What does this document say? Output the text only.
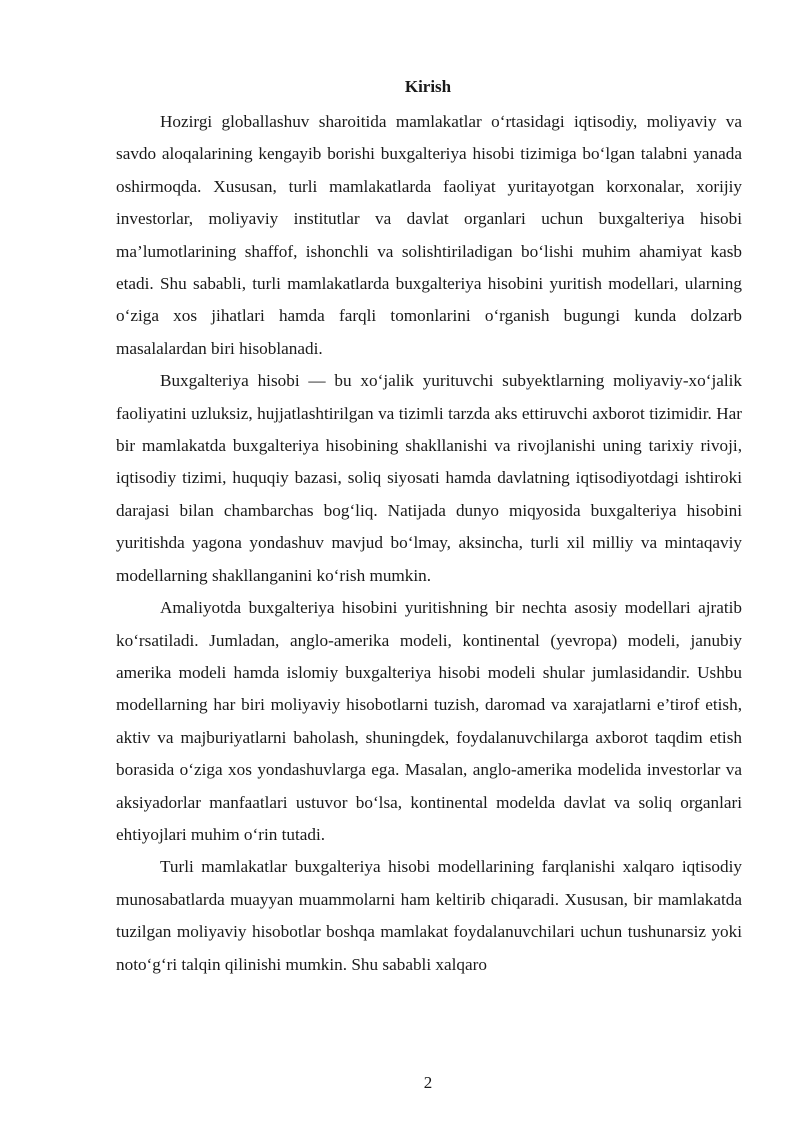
Kirish

Hozirgi globallashuv sharoitida mamlakatlar o‘rtasidagi iqtisodiy, moliyaviy va savdo aloqalarining kengayib borishi buxgalteriya hisobi tizimiga bo‘lgan talabni yanada oshirmoqda. Xususan, turli mamlakatlarda faoliyat yuritayotgan korxonalar, xorijiy investorlar, moliyaviy institutlar va davlat organlari uchun buxgalteriya hisobi ma’lumotlarining shaffof, ishonchli va solishtiriladigan bo‘lishi muhim ahamiyat kasb etadi. Shu sababli, turli mamlakatlarda buxgalteriya hisobini yuritish modellari, ularning o‘ziga xos jihatlari hamda farqli tomonlarini o‘rganish bugungi kunda dolzarb masalalardan biri hisoblanadi.

Buxgalteriya hisobi — bu xo‘jalik yurituvchi subyektlarning moliyaviy-xo‘jalik faoliyatini uzluksiz, hujjatlashtirilgan va tizimli tarzda aks ettiruvchi axborot tizimidir. Har bir mamlakatda buxgalteriya hisobining shakllanishi va rivojlanishi uning tarixiy rivoji, iqtisodiy tizimi, huquqiy bazasi, soliq siyosati hamda davlatning iqtisodiyotdagi ishtiroki darajasi bilan chambarchas bog‘liq. Natijada dunyo miqyosida buxgalteriya hisobini yuritishda yagona yondashuv mavjud bo‘lmay, aksincha, turli xil milliy va mintaqaviy modellarning shakllanganini ko‘rish mumkin.

Amaliyotda buxgalteriya hisobini yuritishning bir nechta asosiy modellari ajratib ko‘rsatiladi. Jumladan, anglo-amerika modeli, kontinental (yevropa) modeli, janubiy amerika modeli hamda islomiy buxgalteriya hisobi modeli shular jumlasidandir. Ushbu modellarning har biri moliyaviy hisobotlarni tuzish, daromad va xarajatlarni e’tirof etish, aktiv va majburiyatlarni baholash, shuningdek, foydalanuvchilarga axborot taqdim etish borasida o‘ziga xos yondashuvlarga ega. Masalan, anglo-amerika modelida investorlar va aksiyadorlar manfaatlari ustuvor bo‘lsa, kontinental modelda davlat va soliq organlari ehtiyojlari muhim o‘rin tutadi.

Turli mamlakatlar buxgalteriya hisobi modellarining farqlanishi xalqaro iqtisodiy munosabatlarda muayyan muammolarni ham keltirib chiqaradi. Xususan, bir mamlakatda tuzilgan moliyaviy hisobotlar boshqa mamlakat foydalanuvchilari uchun tushunarsiz yoki noto‘g‘ri talqin qilinishi mumkin. Shu sababli xalqaro

2
